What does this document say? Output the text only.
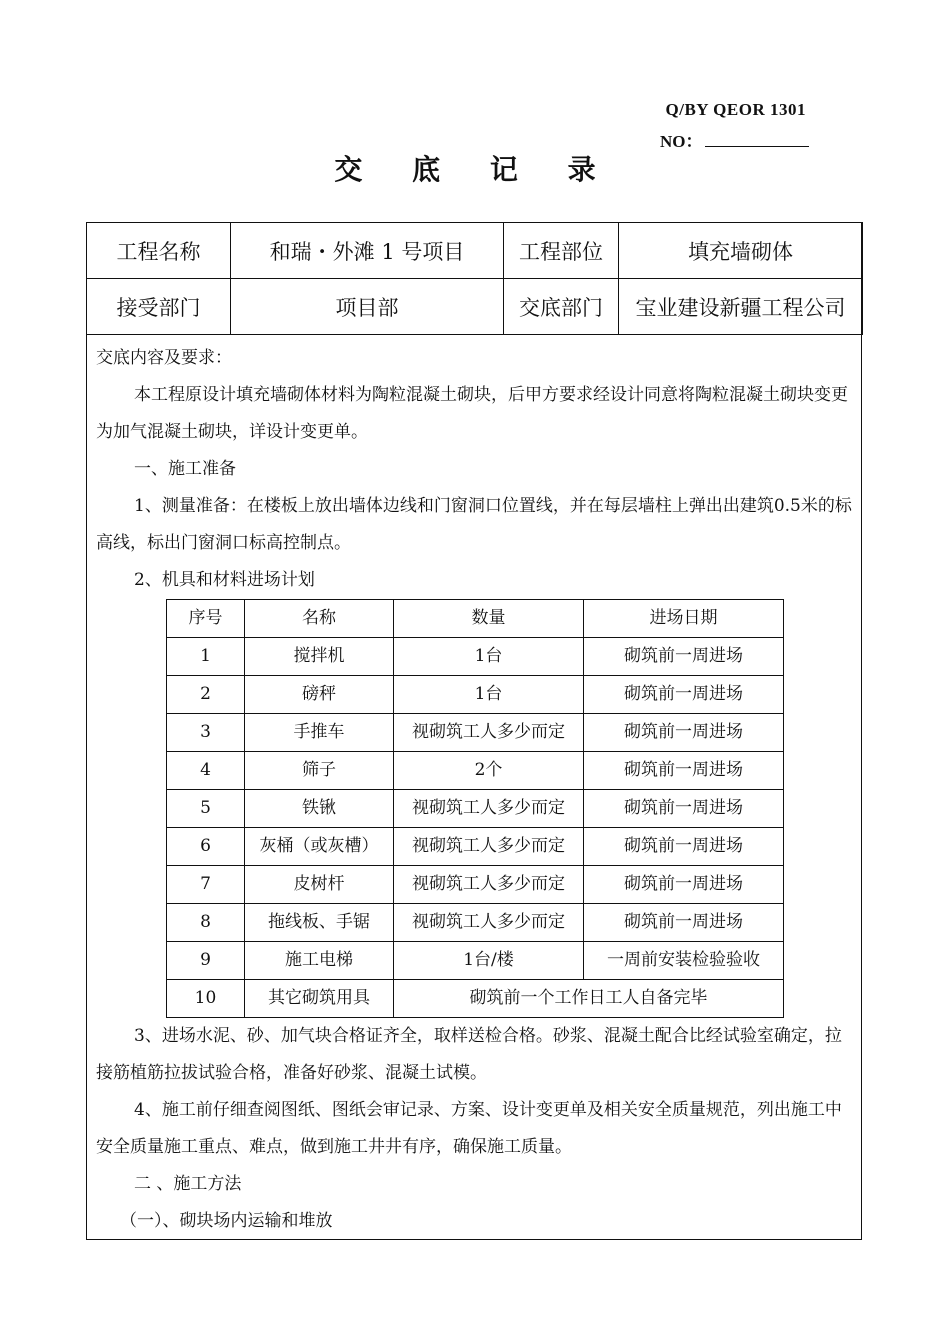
Q/BY QEOR 1301
NO：
交 底 记 录
工程名称	和瑞・外滩 1 号项目	工程部位	填充墙砌体
接受部门	项目部	交底部门	宝业建设新疆工程公司

交底内容及要求：

本工程原设计填充墙砌体材料为陶粒混凝土砌块，后甲方要求经设计同意将陶粒混凝土砌块变更为加气混凝土砌块，详设计变更单。

一、施工准备

1、测量准备：在楼板上放出墙体边线和门窗洞口位置线，并在每层墙柱上弹出出建筑0.5米的标高线，标出门窗洞口标高控制点。

2、机具和材料进场计划

序号	名称	数量	进场日期
1	搅拌机	1台	砌筑前一周进场
2	磅秤	1台	砌筑前一周进场
3	手推车	视砌筑工人多少而定	砌筑前一周进场
4	筛子	2个	砌筑前一周进场
5	铁锹	视砌筑工人多少而定	砌筑前一周进场
6	灰桶（或灰槽）	视砌筑工人多少而定	砌筑前一周进场
7	皮树杆	视砌筑工人多少而定	砌筑前一周进场
8	拖线板、手锯	视砌筑工人多少而定	砌筑前一周进场
9	施工电梯	1台/楼	一周前安装检验验收
10	其它砌筑用具	砌筑前一个工作日工人自备完毕	

3、进场水泥、砂、加气块合格证齐全，取样送检合格。砂浆、混凝土配合比经试验室确定，拉接筋植筋拉拔试验合格，准备好砂浆、混凝土试模。

4、施工前仔细查阅图纸、图纸会审记录、方案、设计变更单及相关安全质量规范，列出施工中安全质量施工重点、难点，做到施工井井有序，确保施工质量。

二 、施工方法

（一）、砌块场内运输和堆放
